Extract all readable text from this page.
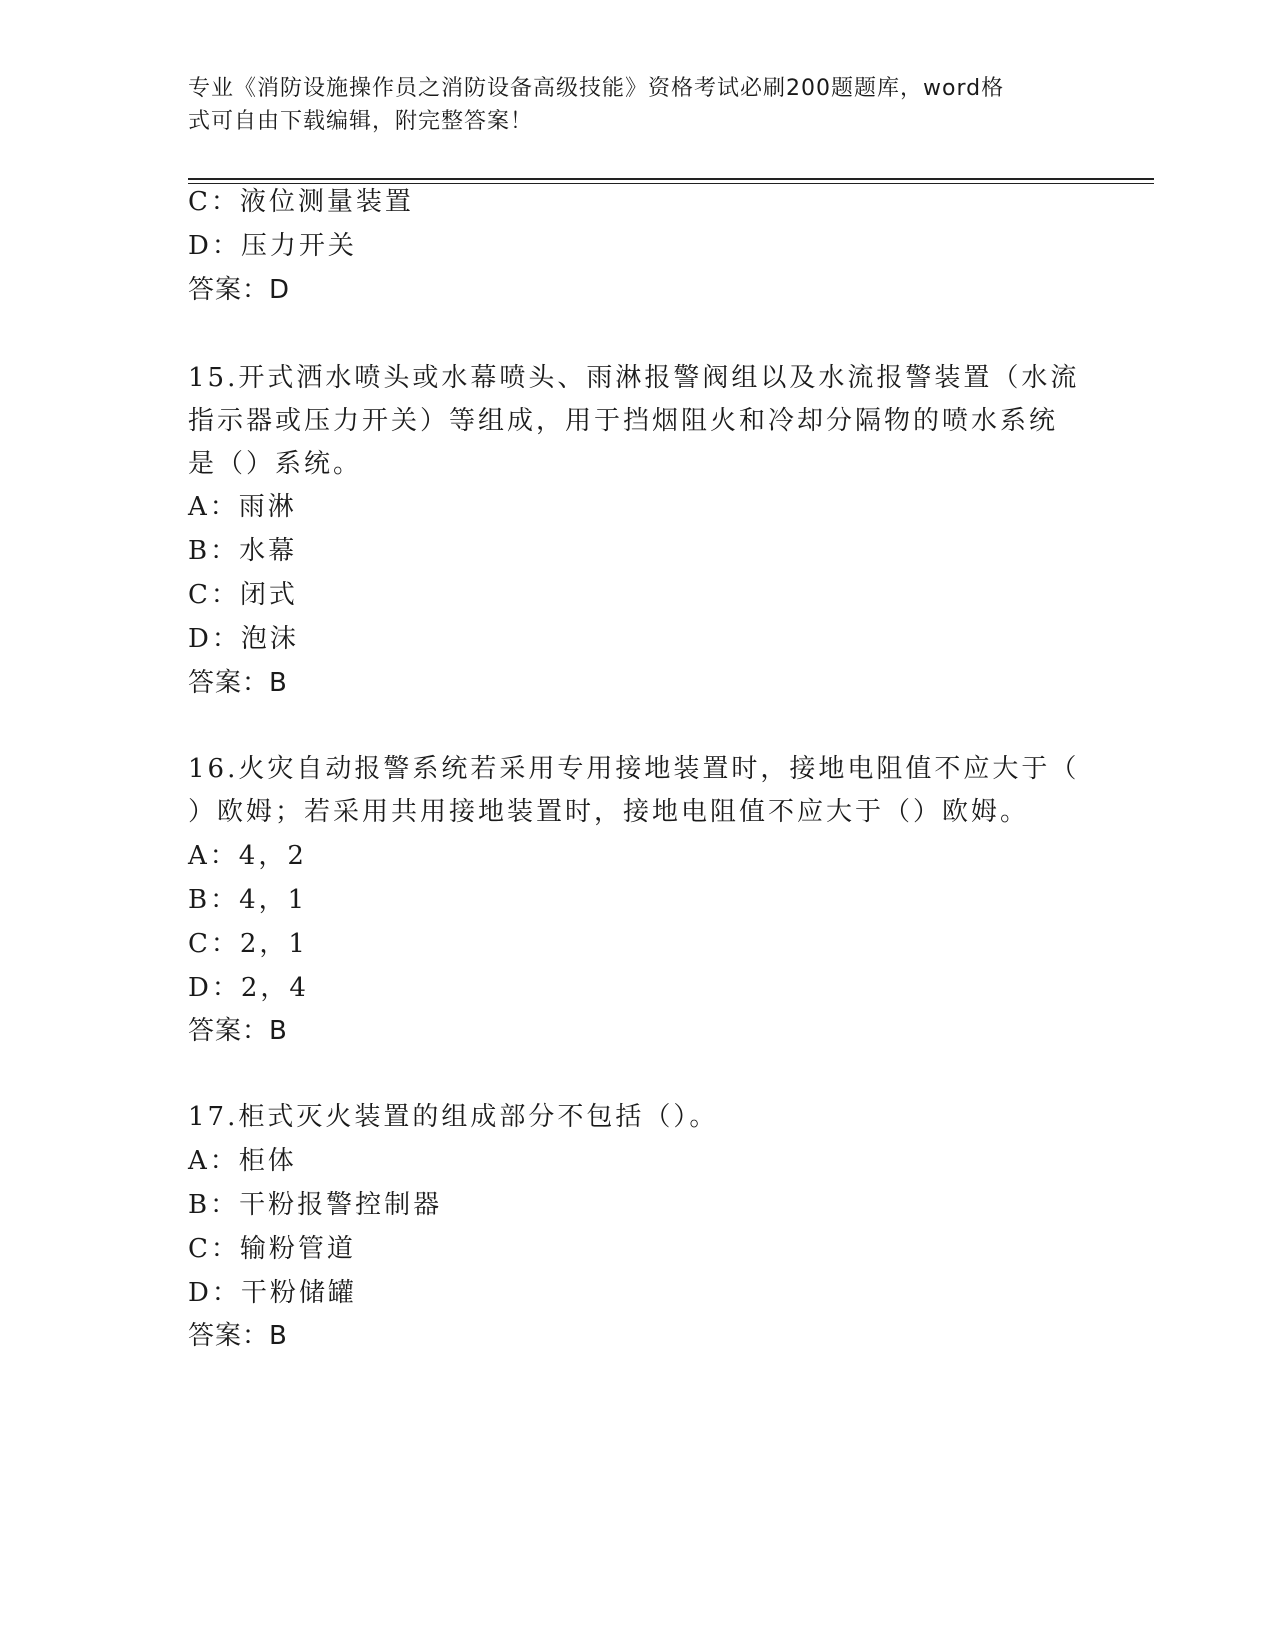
专业《消防设施操作员之消防设备高级技能》资格考试必刷200题题库，word格
式可自由下载编辑，附完整答案！
C：液位测量装置
D：压力开关
答案：D
15.开式洒水喷头或水幕喷头、雨淋报警阀组以及水流报警装置（水流
指示器或压力开关）等组成，用于挡烟阻火和冷却分隔物的喷水系统
是（）系统。
A：雨淋
B：水幕
C：闭式
D：泡沫
答案：B
16.火灾自动报警系统若采用专用接地装置时，接地电阻值不应大于（
）欧姆；若采用共用接地装置时，接地电阻值不应大于（）欧姆。
A：4，2
B：4，1
C：2，1
D：2，4
答案：B
17.柜式灭火装置的组成部分不包括（）。
A：柜体
B：干粉报警控制器
C：输粉管道
D：干粉储罐
答案：B
